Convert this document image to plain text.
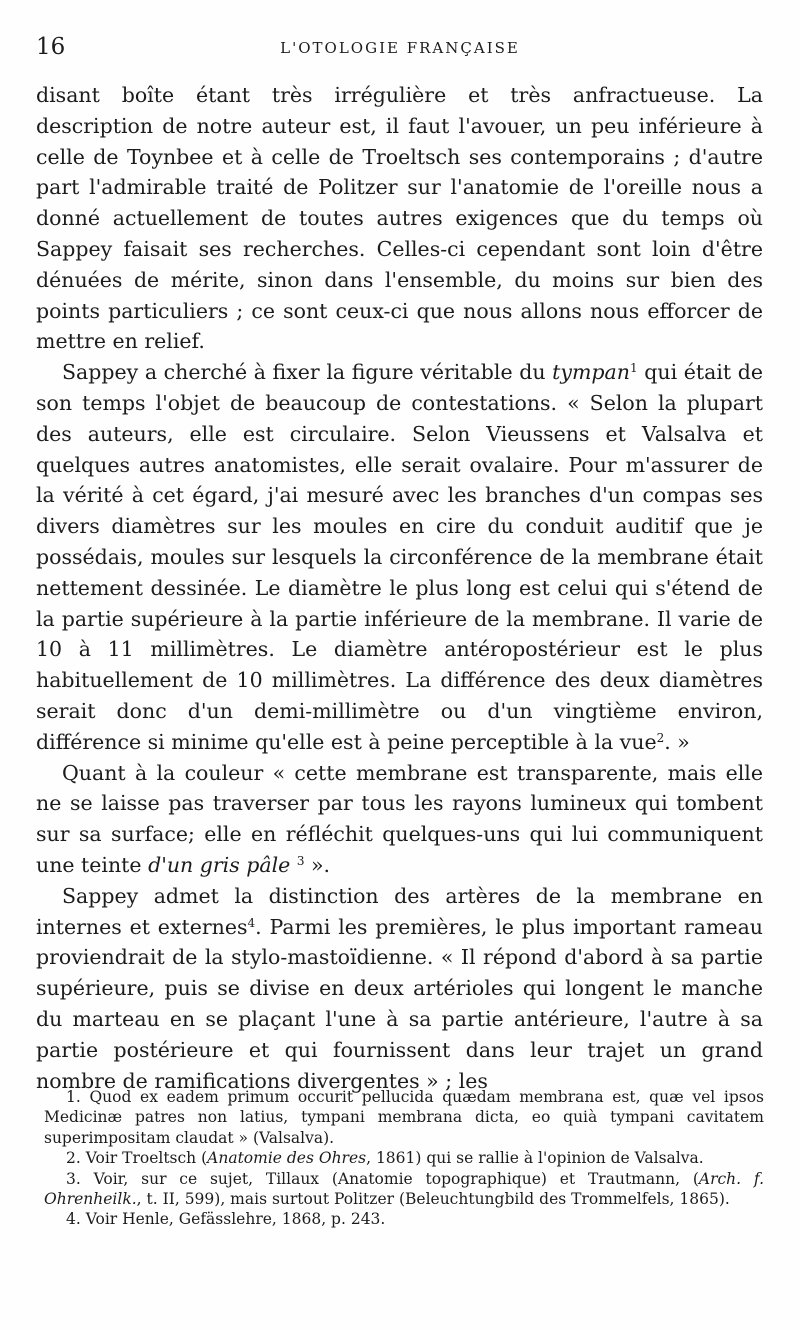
16	L'OTOLOGIE FRANÇAISE

disant boîte étant très irrégulière et très anfractueuse. La description de notre auteur est, il faut l'avouer, un peu inférieure à celle de Toynbee et à celle de Troeltsch ses contemporains ; d'autre part l'admirable traité de Politzer sur l'anatomie de l'oreille nous a donné actuellement de toutes autres exigences que du temps où Sappey faisait ses recherches. Celles-ci cependant sont loin d'être dénuées de mérite, sinon dans l'ensemble, du moins sur bien des points particuliers ; ce sont ceux-ci que nous allons nous efforcer de mettre en relief.

Sappey a cherché à fixer la figure véritable du tympan$^1$ qui était de son temps l'objet de beaucoup de contestations. « Selon la plupart des auteurs, elle est circulaire. Selon Vieussens et Valsalva et quelques autres anatomistes, elle serait ovalaire. Pour m'assurer de la vérité à cet égard, j'ai mesuré avec les branches d'un compas ses divers diamètres sur les moules en cire du conduit auditif que je possédais, moules sur lesquels la circonférence de la membrane était nettement dessinée. Le diamètre le plus long est celui qui s'étend de la partie supérieure à la partie inférieure de la membrane. Il varie de 10 à 11 millimètres. Le diamètre antéropostérieur est le plus habituellement de 10 millimètres. La différence des deux diamètres serait donc d'un demi-millimètre ou d'un vingtième environ, différence si minime qu'elle est à peine perceptible à la vue$^2$. »

Quant à la couleur « cette membrane est transparente, mais elle ne se laisse pas traverser par tous les rayons lumineux qui tombent sur sa surface; elle en réfléchit quelques-uns qui lui communiquent une teinte d'un gris pâle $^3$ ».

Sappey admet la distinction des artères de la membrane en internes et externes$^4$. Parmi les premières, le plus important rameau proviendrait de la stylo-mastoïdienne. « Il répond d'abord à sa partie supérieure, puis se divise en deux artérioles qui longent le manche du marteau en se plaçant l'une à sa partie antérieure, l'autre à sa partie postérieure et qui fournissent dans leur trajet un grand nombre de ramifications divergentes » ; les

1. Quod ex eadem primum occurit pellucida quædam membrana est, quæ vel ipsos Medicinæ patres non latius, tympani membrana dicta, eo quià tympani cavitatem superimpositam claudat » (Valsalva).

2. Voir Troeltsch (Anatomie des Ohres, 1861) qui se rallie à l'opinion de Valsalva.

3. Voir, sur ce sujet, Tillaux (Anatomie topographique) et Trautmann, (Arch. f. Ohrenheilk., t. II, 599), mais surtout Politzer (Beleuchtungbild des Trommelfels, 1865).

4. Voir Henle, Gefässlehre, 1868, p. 243.
